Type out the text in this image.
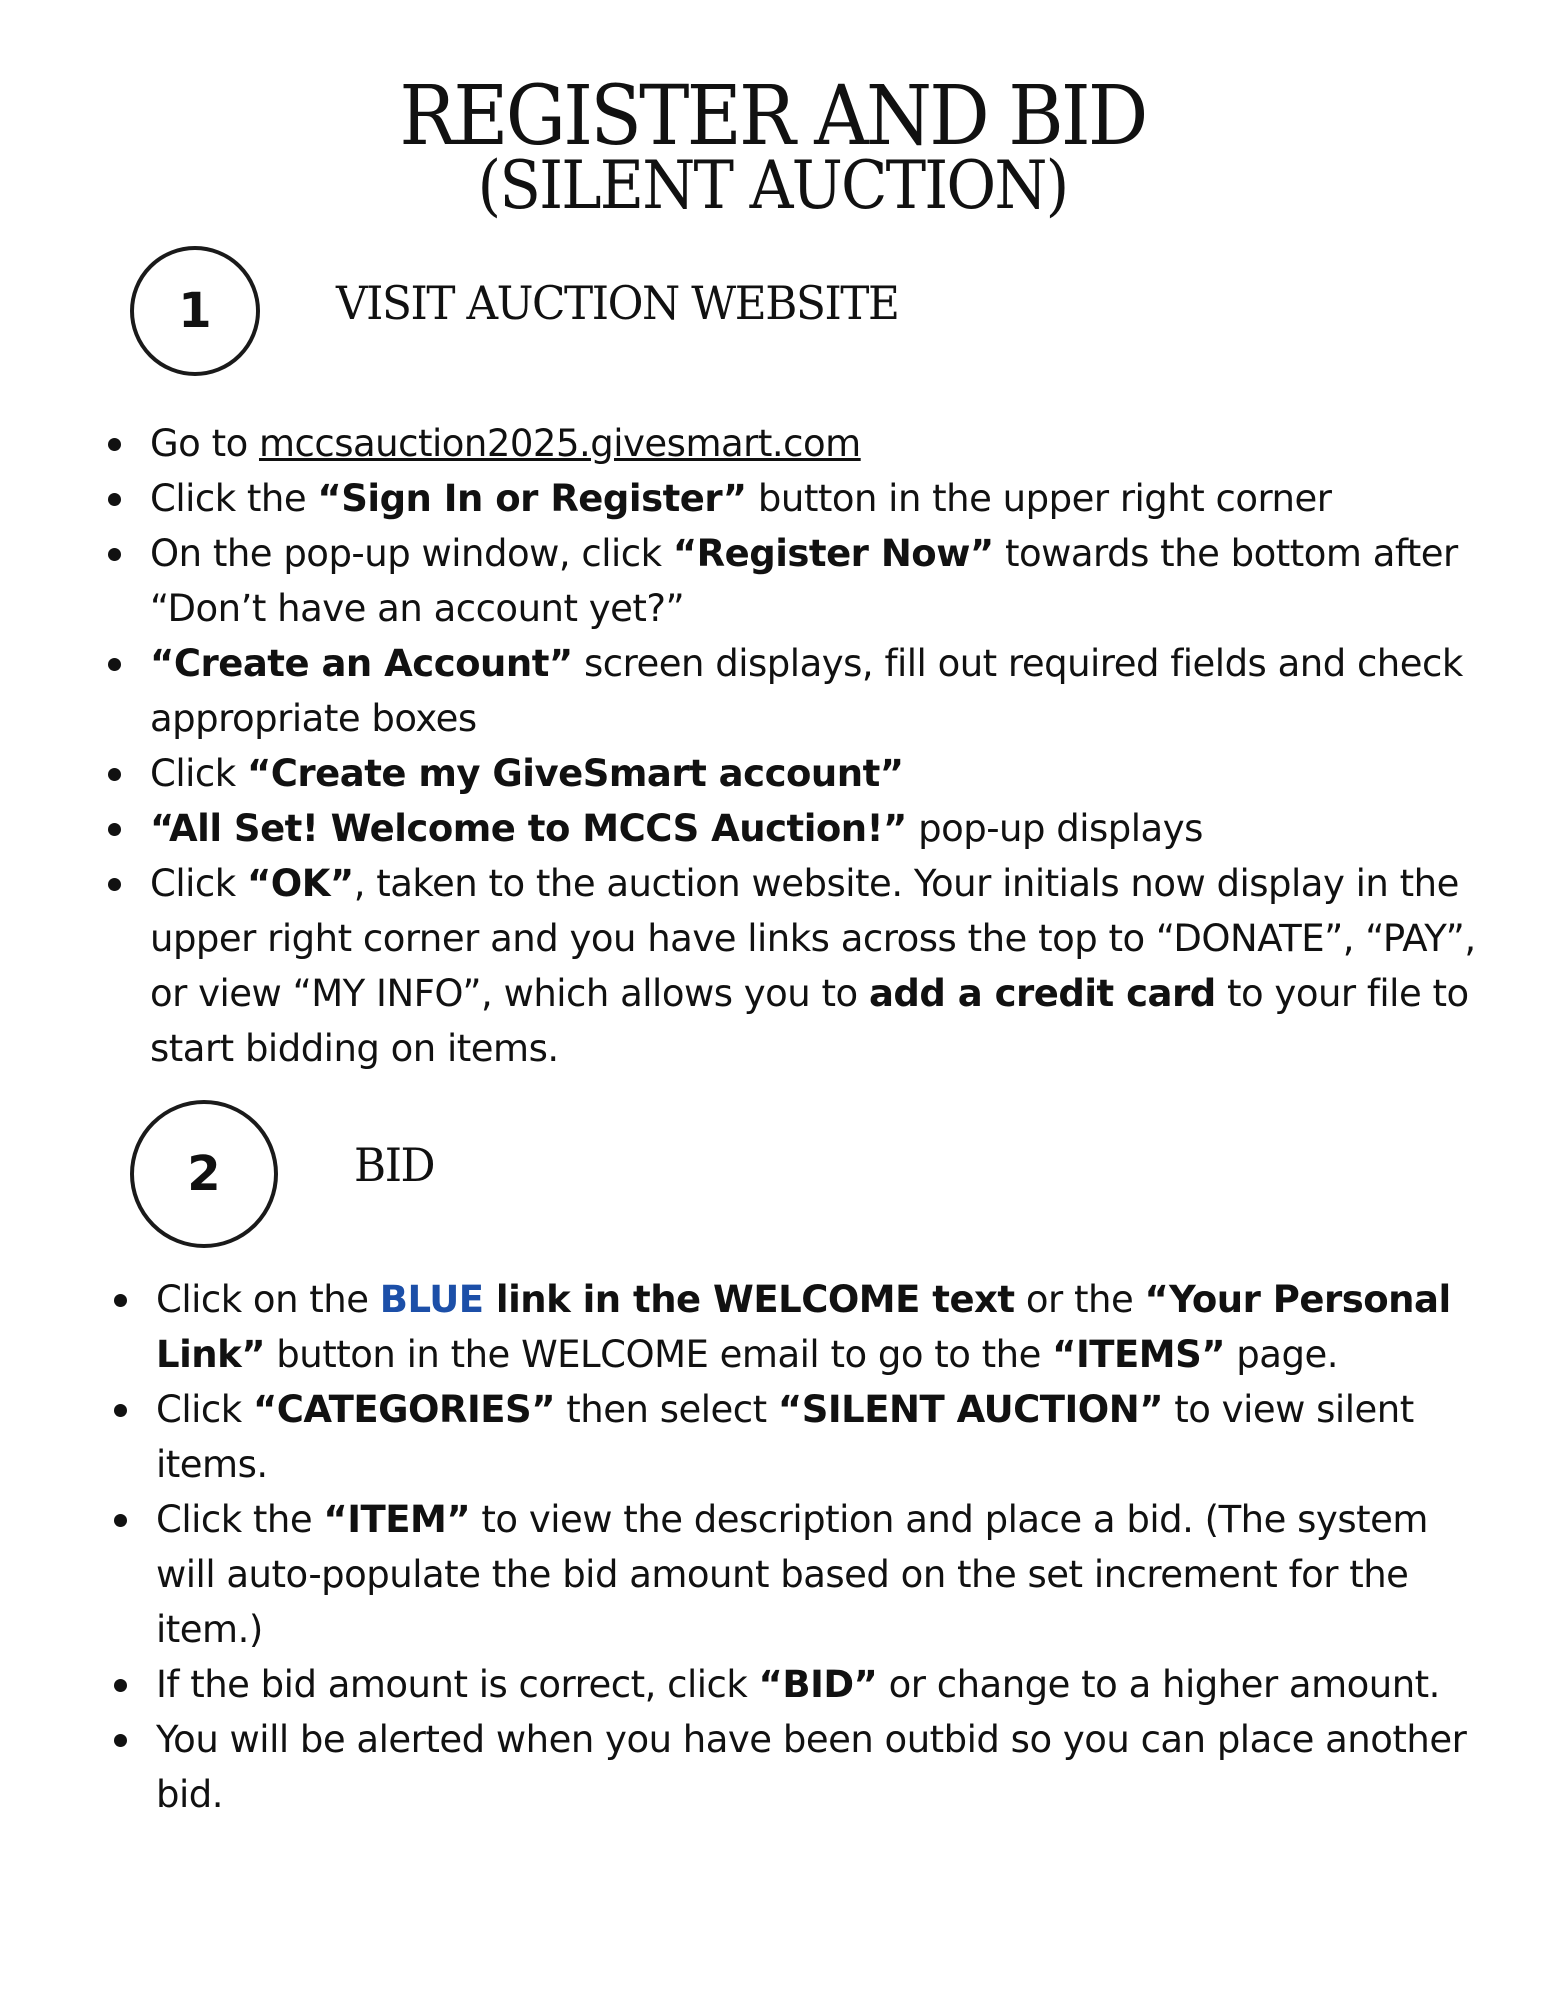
REGISTER AND BID
(SILENT AUCTION)
1	VISIT AUCTION WEBSITE
Go to mccsauction2025.givesmart.com
Click the “Sign In or Register” button in the upper right corner
On the pop-up window, click “Register Now” towards the bottom after “Don’t have an account yet?”
“Create an Account” screen displays, fill out required fields and check appropriate boxes
Click “Create my GiveSmart account”
“All Set! Welcome to MCCS Auction!” pop-up displays
Click “OK”, taken to the auction website. Your initials now display in the upper right corner and you have links across the top to “DONATE”, “PAY”, or view “MY INFO”, which allows you to add a credit card to your file to start bidding on items.
2	BID
Click on the BLUE link in the WELCOME text or the “Your Personal Link” button in the WELCOME email to go to the “ITEMS” page.
Click “CATEGORIES” then select “SILENT AUCTION” to view silent items.
Click the “ITEM” to view the description and place a bid. (The system will auto-populate the bid amount based on the set increment for the item.)
If the bid amount is correct, click “BID” or change to a higher amount.
You will be alerted when you have been outbid so you can place another bid.
